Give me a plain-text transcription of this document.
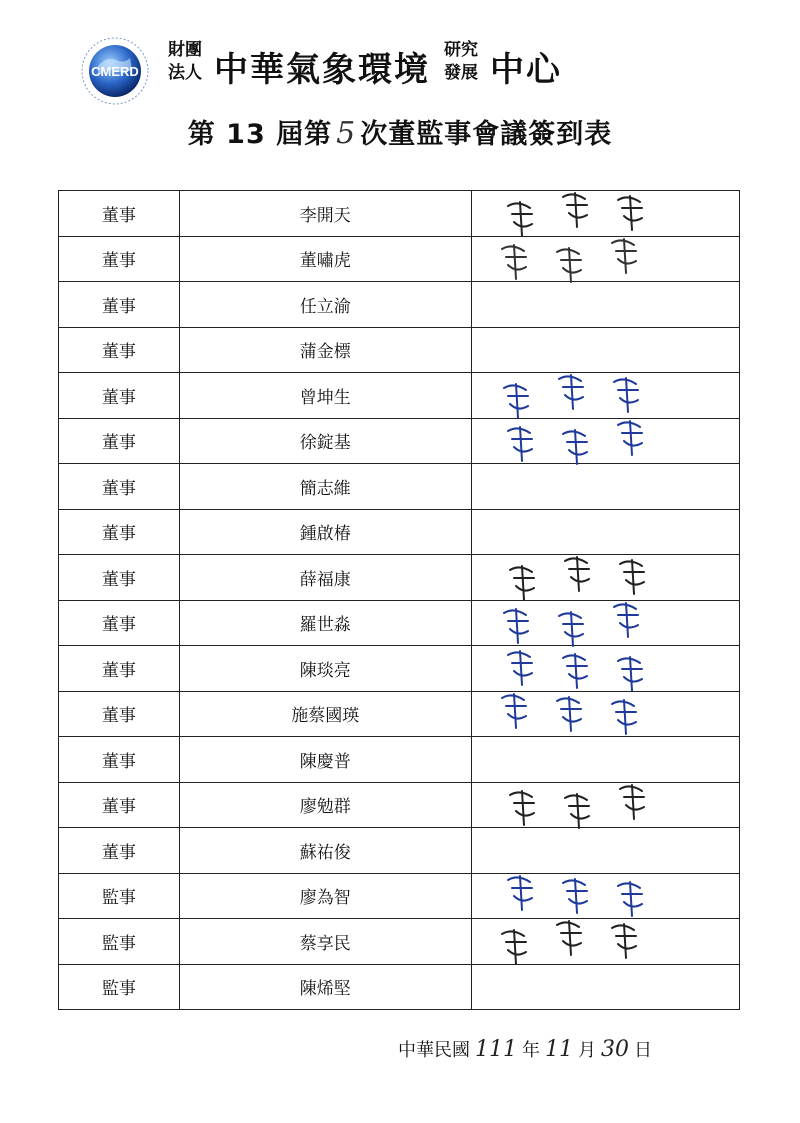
CMERD
財團
法人 中華氣象環境 研究
發展 中心
第 13 屆第 5 次董監事會議簽到表
董事	李開天	

董事	董嘯虎	

董事	任立渝	
董事	蒲金標	
董事	曾坤生	

董事	徐錠基	

董事	簡志維	
董事	鍾啟椿	
董事	薛福康	

董事	羅世淼	

董事	陳琰亮	

董事	施蔡國瑛	

董事	陳慶普	
董事	廖勉群	

董事	蘇祐俊	
監事	廖為智	

監事	蔡享民	

監事	陳烯堅	
中華民國 111 年 11 月 30 日
